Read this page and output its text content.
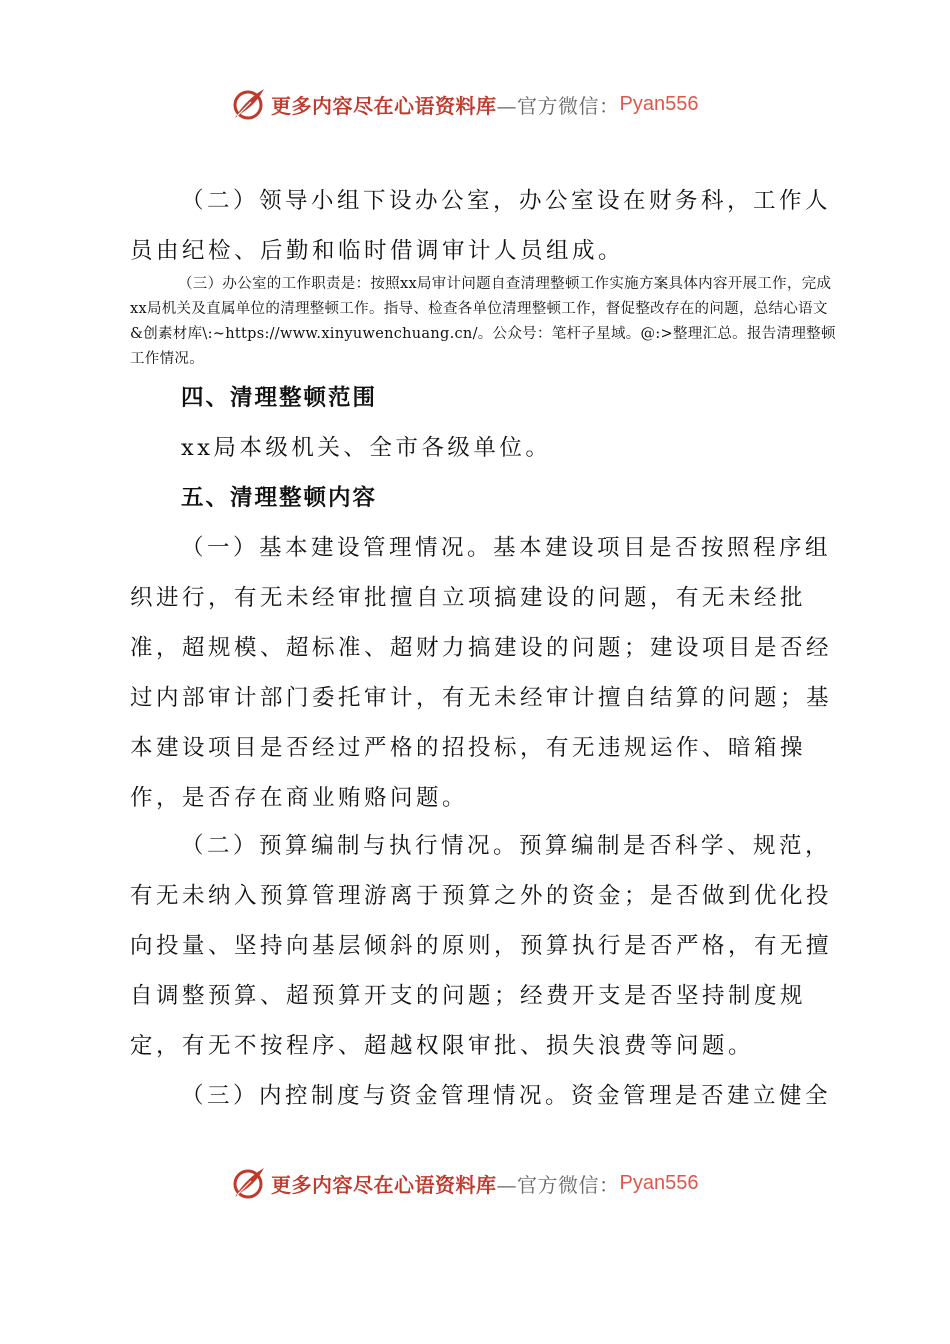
更多内容尽在心语资料库 —官方微信： Pyan556

（二）领导小组下设办公室，办公室设在财务科，工作人员由纪检、后勤和临时借调审计人员组成。

（三）办公室的工作职责是：按照xx局审计问题自查清理整顿工作实施方案具体内容开展工作，完成xx局机关及直属单位的清理整顿工作。指导、检查各单位清理整顿工作，督促整改存在的问题，总结心语文&创素材库\:~https://www.xinyuwenchuang.cn/。公众号：笔杆子星域。@:>整理汇总。报告清理整顿工作情况。

四、清理整顿范围

xx局本级机关、全市各级单位。

五、清理整顿内容

（一）基本建设管理情况。基本建设项目是否按照程序组织进行，有无未经审批擅自立项搞建设的问题，有无未经批准，超规模、超标准、超财力搞建设的问题；建设项目是否经过内部审计部门委托审计，有无未经审计擅自结算的问题；基本建设项目是否经过严格的招投标，有无违规运作、暗箱操作，是否存在商业贿赂问题。

（二）预算编制与执行情况。预算编制是否科学、规范，有无未纳入预算管理游离于预算之外的资金；是否做到优化投向投量、坚持向基层倾斜的原则，预算执行是否严格，有无擅自调整预算、超预算开支的问题；经费开支是否坚持制度规定，有无不按程序、超越权限审批、损失浪费等问题。

（三）内控制度与资金管理情况。资金管理是否建立健全

更多内容尽在心语资料库 —官方微信： Pyan556
